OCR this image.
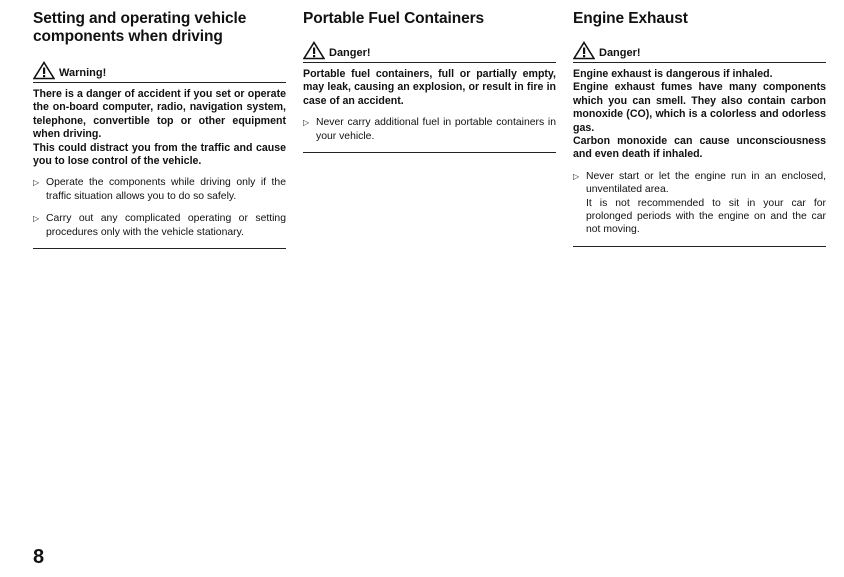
Setting and operating vehicle components when driving
Warning!

There is a danger of accident if you set or operate the on-board computer, radio, navigation system, telephone, convertible top or other equipment when driving.

This could distract you from the traffic and cause you to lose control of the vehicle.

▷ Operate the components while driving only if the traffic situation allows you to do so safely.

▷ Carry out any complicated operating or setting procedures only with the vehicle stationary.

Portable Fuel Containers
Danger!

Portable fuel containers, full or partially empty, may leak, causing an explosion, or result in fire in case of an accident.

▷ Never carry additional fuel in portable containers in your vehicle.

Engine Exhaust
Danger!

Engine exhaust is dangerous if inhaled.

Engine exhaust fumes have many components which you can smell. They also contain carbon monoxide (CO), which is a colorless and odorless gas.

Carbon monoxide can cause unconsciousness and even death if inhaled.

▷ Never start or let the engine run in an enclosed, unventilated area.

It is not recommended to sit in your car for prolonged periods with the engine on and the car not moving.

8
